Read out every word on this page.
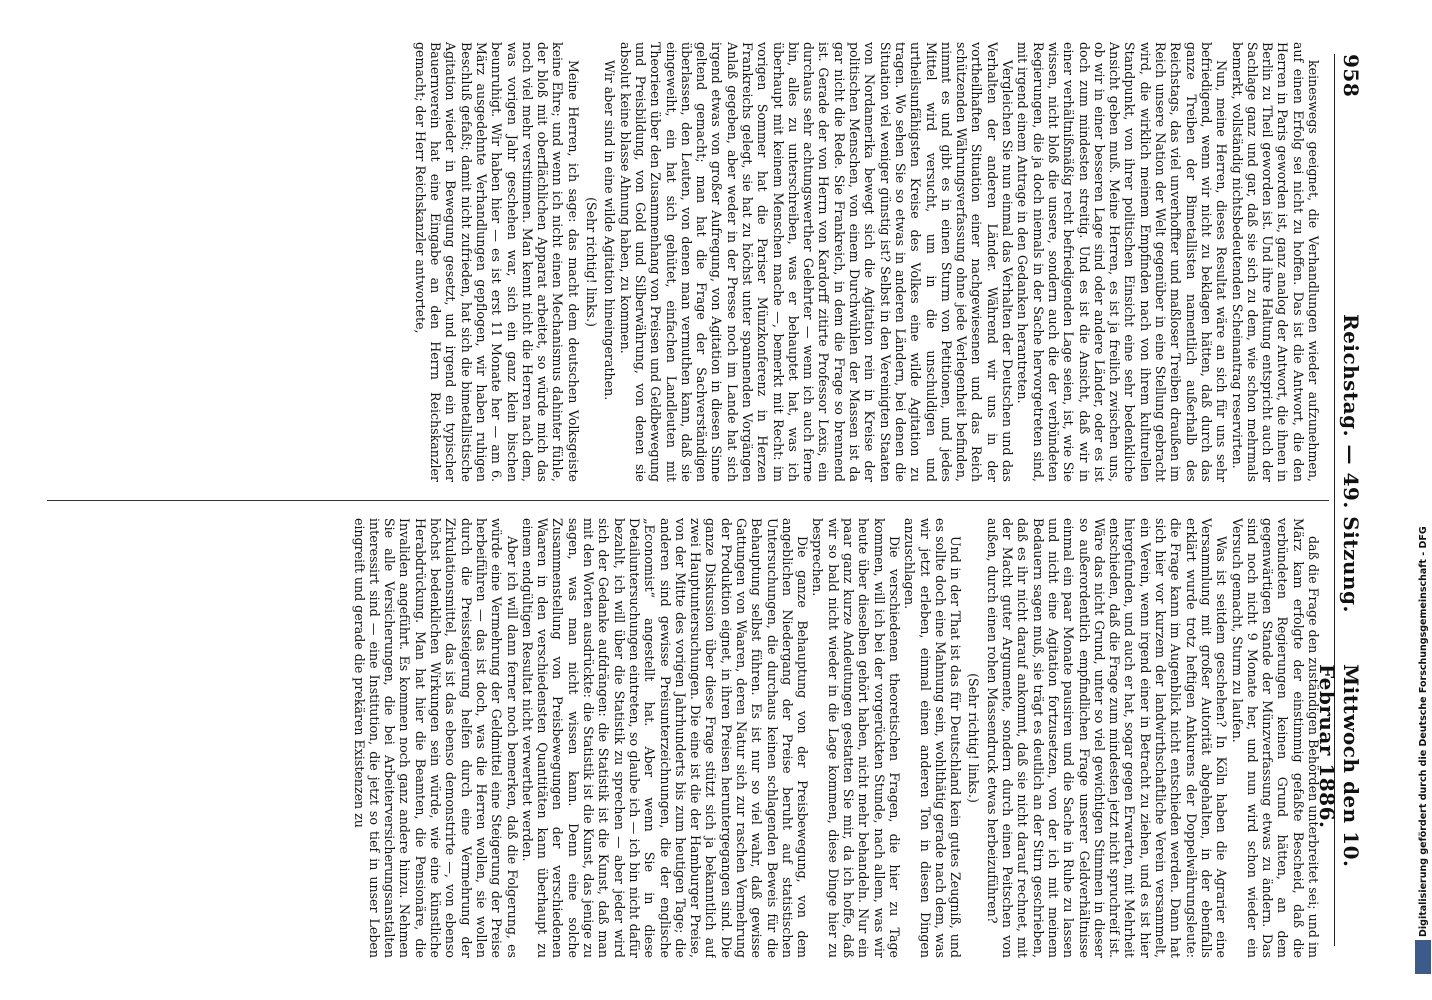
958
Reichstag. — 49. Sitzung.
Mittwoch den 10. Februar 1886.

keineswegs geeignet, die Verhandlungen wieder aufzunehmen, auf einen Erfolg sei nicht zu hoffen. Das ist die Antwort, die den Herren in Paris geworden ist, ganz analog der Antwort, die ihnen in Berlin zu Theil geworden ist. Und ihre Haltung entspricht auch der Sachlage ganz und gar, daß sie sich zu dem, wie schon mehrmals bemerkt, vollständig nichtsbedeutenden Scheinantrag reservirten.

Nun, meine Herren, dieses Resultat wäre an sich für uns sehr befriedigend, wenn wir nicht zu beklagen hätten, daß durch das ganze Treiben der Bimetallisten namentlich außerhalb des Reichstags, das viel unverhoffter und maßloser Treiben draußen im Reich unsere Nation der Welt gegenüber in eine Stellung gebracht wird, die wirklich meinem Empfinden nach von ihrem kulturellen Standpunkt, von ihrer politischen Einsicht eine sehr bedenkliche Ansicht geben muß. Meine Herren, es ist ja freilich zwischen uns, ob wir in einer besseren Lage sind oder andere Länder, oder es ist doch zum mindesten streitig. Und es ist die Ansicht, daß wir in einer verhältnißmäßig recht befriedigenden Lage seien, ist, wie Sie wissen, nicht bloß die unsere, sondern auch die der verbündeten Regierungen, die ja doch niemals in der Sache hervorgetreten sind, mit irgend einem Antrage in den Gedanken herantreten.

Vergleichen Sie nun einmal das Verhalten der Deutschen und das Verhalten der anderen Länder. Während wir uns in der vortheilhaften Situation einer nachgewiesenen und das Reich schützenden Währungsverfassung ohne jede Verlegenheit befinden, nimmt es und gibt es in einen Sturm von Petitionen, und jedes Mittel wird versucht, um in die unschuldigen und urtheilsunfähigsten Kreise des Volkes eine wilde Agitation zu tragen. Wo sehen Sie so etwas in anderen Ländern, bei denen die Situation viel weniger günstig ist? Selbst in den Vereinigten Staaten von Nordamerika bewegt sich die Agitation rein in Kreise der politischen Menschen, von einem Durchwühlen der Massen ist da gar nicht die Rede. Sie Frankreich, in dem die Frage so brennend ist. Gerade der von Herrn von Kardorff zitirte Professor Lexis, ein durchaus sehr achtungswerther Gelehrter — wenn ich auch ferne bin, alles zu unterschreiben, was er behauptet hat, was ich überhaupt mit keinem Menschen mache —, bemerkt mit Recht: im vorigen Sommer hat die Pariser Münzkonferenz in Herzen Frankreichs gelegt, sie hat zu höchst unter spannenden Vorgängen Anlaß gegeben, aber weder in der Presse noch im Lande hat sich irgend etwas von großer Aufregung, von Agitation in diesen Sinne geltend gemacht; man hat die Frage der Sachverständigen überlassen, den Leuten, von denen man vermuthen kann, daß sie eingeweiht, ein hat sich gehütet, einfachen Landleuten mit Theorieen über den Zusammenhang von Preisen und Geldbewegung und Preisbildung, von Gold und Silberwährung, von denen sie absolut keine blasse Ahnung haben, zu kommen.

Wir aber sind in eine wilde Agitation hineingerathen.

(Sehr richtig! links.)

Meine Herren, ich sage: das macht dem deutschen Volksgeiste keine Ehre; und wenn ich nicht einen Mechanismus dahinter fühle, der bloß mit oberflächlichen Apparat arbeitet, so würde mich das noch viel mehr verstimmen. Man kennt nicht die Herren nach dem, was vorigen Jahr geschehen war, sich ein ganz klein bischen beunruhigt. Wir haben hier — es ist erst 11 Monate her — am 6. März ausgedehnte Verhandlungen gepflogen, wir haben ruhigen Beschluß gefaßt; damit nicht zufrieden, hat sich die bimetallistische Agitation wieder in Bewegung gesetzt, und irgend ein typischer Bauernverein hat eine Eingabe an den Herrn Reichskanzler gemacht; der Herr Reichskanzler antwortete,

daß die Frage den zuständigen Behörden unterbreitet sei; und im März kam erfolgte der einstimmig gefaßte Bescheid, daß die verbündeten Regierungen keinen Grund hätten, an dem gegenwärtigen Stande der Münzverfassung etwas zu ändern. Das sind noch nicht 9 Monate her, und nun wird schon wieder ein Versuch gemacht, Sturm zu laufen.

Was ist seitdem geschehen? In Köln haben die Agrarier eine Versammlung mit großer Autorität abgehalten, in der ebenfalls erklärt wurde trotz heftigen Ankurens der Doppelwährungsleute: die Frage kann im Augenblick nicht entschieden werden. Dann hat sich hier vor kurzem der landwirthschaftliche Verein versammelt, ein Verein, wenn irgend einer in Betracht zu ziehen, und es ist hier hiergefunden, und auch er hat, sogar gegen Erwarten, mit Mehrheit entschieden, daß die Frage zum mindesten jetzt nicht spruchreif ist. Wäre das nicht Grund, unter so viel gewichtigen Stimmen in dieser so außerordentlich empfindlichen Frage unserer Geldverhältnisse einmal ein paar Monate pausiren und die Sache in Ruhe zu lassen und nicht eine Agitation fortzusetzen, von der ich mit meinem Bedauern sagen muß, sie trägt es deutlich an der Stirn geschrieben, daß es ihr nicht darauf ankommt, daß sie nicht darauf rechnet, mit der Macht guter Argumente, sondern durch einen Peitschen von außen, durch einen rohen Massendruck etwas herbeizuführen?

(Sehr richtig! links.)

Und in der That ist das für Deutschland kein gutes Zeugniß, und es sollte doch eine Mahnung sein, wohlthätig gerade nach dem, was wir jetzt erleben, einmal einen anderen Ton in diesen Dingen anzuschlagen.

Die verschiedenen theoretischen Fragen, die hier zu Tage kommen, will ich bei der vorgerückten Stunde, nach allem, was wir heute über dieselben gehört haben, nicht mehr behandeln. Nur ein paar ganz kurze Andeutungen gestatten Sie mir, da ich hoffe, daß wir so bald nicht wieder in die Lage kommen, diese Dinge hier zu besprechen.

Die ganze Behauptung von der Preisbewegung, von dem angeblichen Niedergang der Preise beruht auf statistischen Untersuchungen, die durchaus keinen schlagenden Beweis für die Behauptung selbst führen. Es ist nur so viel wahr, daß gewisse Gattungen von Waaren, deren Natur sich zur raschen Vermehrung der Produktion eignet, in ihren Preisen heruntergegangen sind. Die ganze Diskussion über diese Frage stützt sich ja bekanntlich auf zwei Hauptuntersuchungen. Die eine ist die der Hamburger Preise, von der Mitte des vorigen Jahrhunderts bis zum heutigen Tage; die anderen sind gewisse Preisunterzeichnungen, die der englische „Economist“ angestellt hat. Aber wenn Sie in diese Detailuntersuchungen eintreten, so glaube ich — ich bin nicht dafür bezahlt, ich will über die Statistik zu sprechen — aber jeder wird sich der Gedanke aufdrängen: die Statistik ist die Kunst, daß man mit den Worten ausdrückte: die Statistik ist die Kunst, das jenige zu sagen, was man nicht wissen kann. Denn eine solche Zusammenstellung von Preisbewegungen der verschiedenen Waaren in den verschiedensten Quantitäten kann überhaupt zu einem endgültigen Resultat nicht verwerthet werden.

Aber ich will dann ferner noch bemerken, daß die Folgerung, es würde eine Vermehrung der Geldmittel eine Steigerung der Preise herbeiführen — das ist doch, was die Herren wollen, sie wollen durch die Preissteigerung helfen durch eine Vermehrung der Zirkulationsmittel, das ist das ebenso demonstrirte —, von ebenso höchst bedenklichen Wirkungen sein würde, wie eine künstliche Herabdrückung. Man hat hier die Beamten, die Pensionäre, die Invaliden angeführt. Es kommen noch ganz andere hinzu. Nehmen Sie alle Versicherungen, die bei Arbeiterversicherungsanstalten interessirt sind — eine Institution, die jetzt so tief in unser Leben eingreift und gerade die prekären Existenzen zu	Digitalisierung gefördert durch die Deutsche Forschungsgemeinschaft - DFG
